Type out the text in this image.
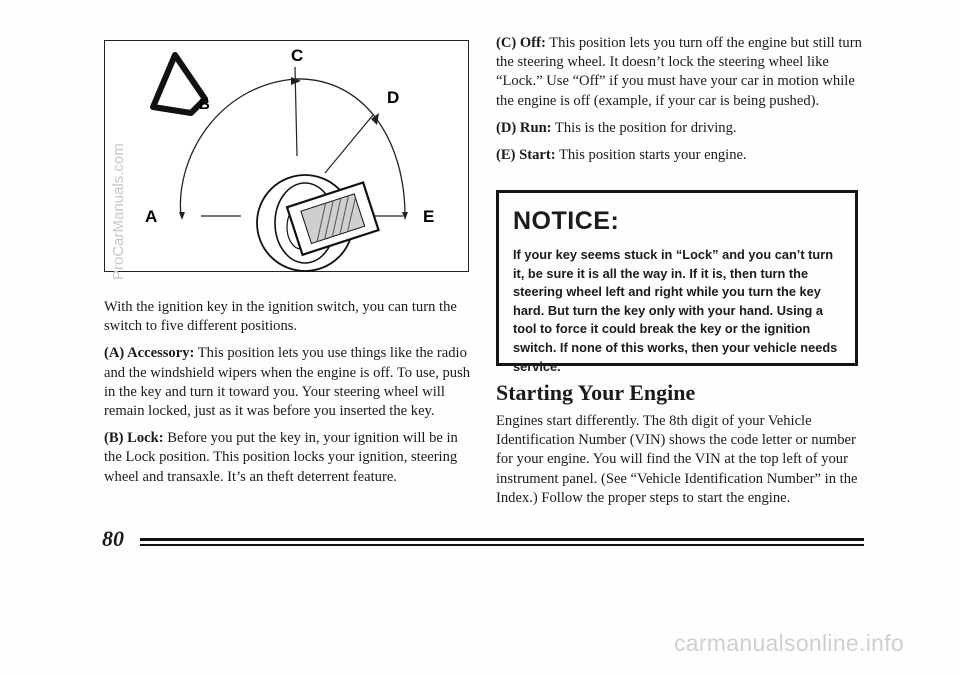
C
B	D
A	E

With the ignition key in the ignition switch, you can turn the switch to five different positions.

(A) Accessory: This position lets you use things like the radio and the windshield wipers when the engine is off. To use, push in the key and turn it toward you. Your steering wheel will remain locked, just as it was before you inserted the key.

(B) Lock: Before you put the key in, your ignition will be in the Lock position. This position locks your ignition, steering wheel and transaxle. It’s an theft deterrent feature.

(C) Off: This position lets you turn off the engine but still turn the steering wheel. It doesn’t lock the steering wheel like “Lock.” Use “Off” if you must have your car in motion while the engine is off (example, if your car is being pushed).

(D) Run: This is the position for driving.

(E) Start: This position starts your engine.

NOTICE:
If your key seems stuck in “Lock” and you can’t turn it, be sure it is all the way in. If it is, then turn the steering wheel left and right while you turn the key hard. But turn the key only with your hand. Using a tool to force it could break the key or the ignition switch. If none of this works, then your vehicle needs service.
Starting Your Engine
Engines start differently. The 8th digit of your Vehicle Identification Number (VIN) shows the code letter or number for your engine. You will find the VIN at the top left of your instrument panel. (See “Vehicle Identification Number” in the Index.) Follow the proper steps to start the engine.
80
ProCarManuals.com
carmanualsonline.info
